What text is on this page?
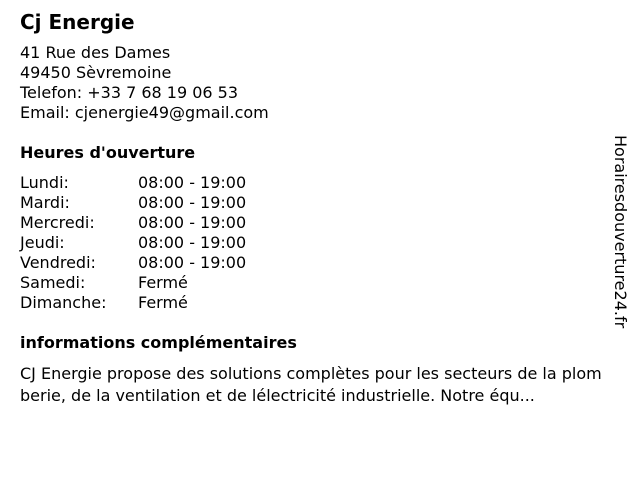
Cj Energie
41 Rue des Dames
49450 Sèvremoine
Telefon: +33 7 68 19 06 53
Email: cjenergie49@gmail.com
Heures d'ouverture
Lundi:	08:00 - 19:00
Mardi:	08:00 - 19:00
Mercredi:	08:00 - 19:00
Jeudi:	08:00 - 19:00
Vendredi:	08:00 - 19:00
Samedi:	Fermé
Dimanche:	Fermé
informations complémentaires
CJ Energie propose des solutions complètes pour les secteurs de la plomberie, de la ventilation et de lélectricité industrielle. Notre équ...
Horairesdouverture24.fr
